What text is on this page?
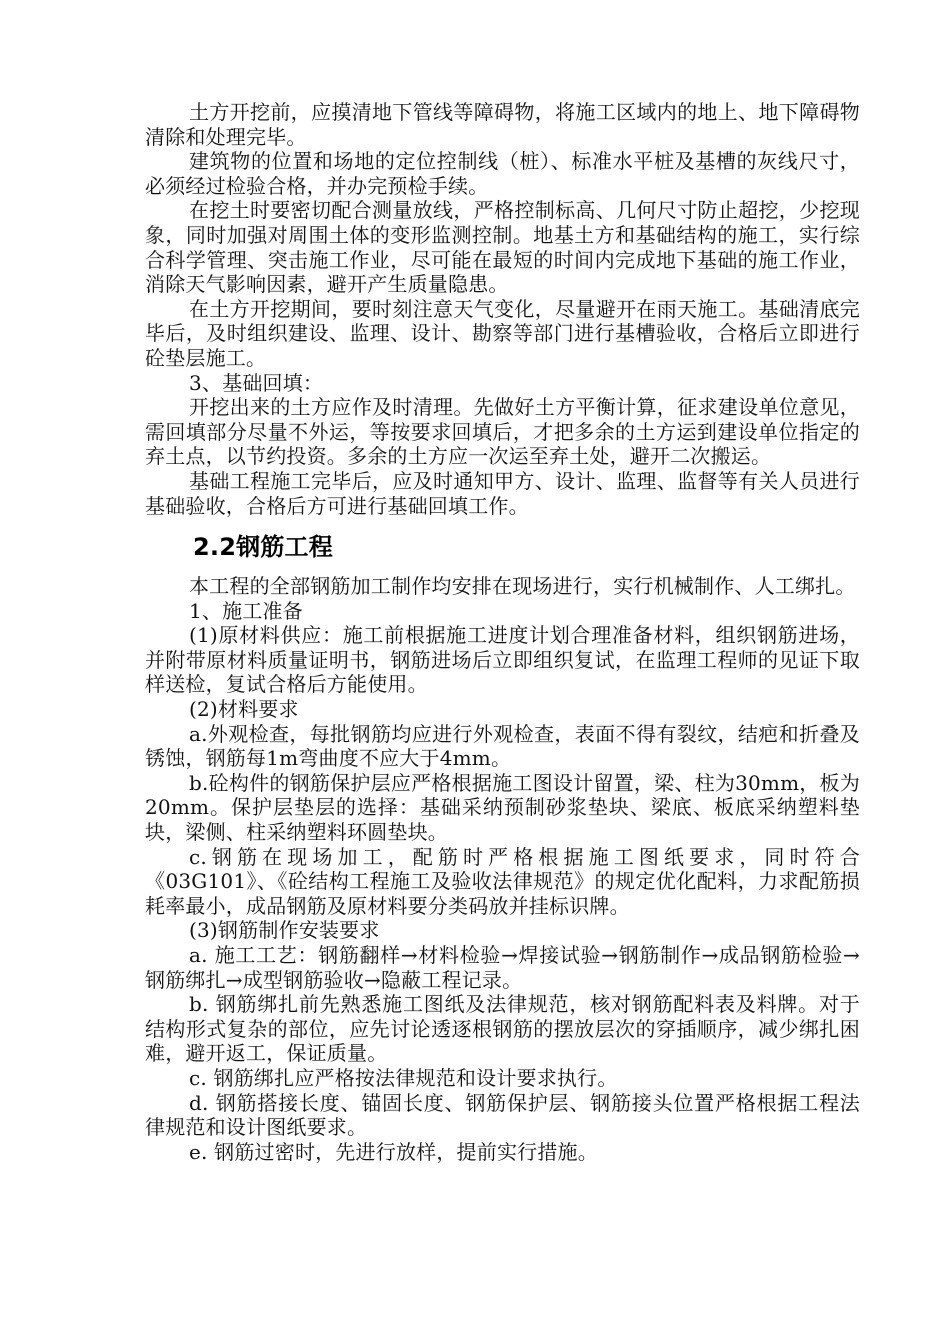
土方开挖前，应摸清地下管线等障碍物，将施工区域内的地上、地下障碍物清除和处理完毕。

建筑物的位置和场地的定位控制线（桩）、标准水平桩及基槽的灰线尺寸，必须经过检验合格，并办完预检手续。

在挖土时要密切配合测量放线，严格控制标高、几何尺寸防止超挖，少挖现象，同时加强对周围土体的变形监测控制。地基土方和基础结构的施工，实行综合科学管理、突击施工作业，尽可能在最短的时间内完成地下基础的施工作业，消除天气影响因素，避开产生质量隐患。

在土方开挖期间，要时刻注意天气变化，尽量避开在雨天施工。基础清底完毕后，及时组织建设、监理、设计、勘察等部门进行基槽验收，合格后立即进行砼垫层施工。

3、基础回填：

开挖出来的土方应作及时清理。先做好土方平衡计算，征求建设单位意见，需回填部分尽量不外运，等按要求回填后，才把多余的土方运到建设单位指定的弃土点，以节约投资。多余的土方应一次运至弃土处，避开二次搬运。

基础工程施工完毕后，应及时通知甲方、设计、监理、监督等有关人员进行基础验收，合格后方可进行基础回填工作。

2.2钢筋工程

本工程的全部钢筋加工制作均安排在现场进行，实行机械制作、人工绑扎。

1、施工准备

(1)原材料供应：施工前根据施工进度计划合理准备材料，组织钢筋进场，并附带原材料质量证明书，钢筋进场后立即组织复试，在监理工程师的见证下取样送检，复试合格后方能使用。

(2)材料要求

a.外观检查，每批钢筋均应进行外观检查，表面不得有裂纹，结疤和折叠及锈蚀，钢筋每1m弯曲度不应大于4mm。

b.砼构件的钢筋保护层应严格根据施工图设计留置，梁、柱为30mm，板为20mm。保护层垫层的选择：基础采纳预制砂浆垫块、梁底、板底采纳塑料垫块，梁侧、柱采纳塑料环圆垫块。

c.钢筋在现场加工，配筋时严格根据施工图纸要求，同时符合《03G101》、《砼结构工程施工及验收法律规范》的规定优化配料，力求配筋损耗率最小，成品钢筋及原材料要分类码放并挂标识牌。

(3)钢筋制作安装要求

a. 施工工艺：钢筋翻样→材料检验→焊接试验→钢筋制作→成品钢筋检验→钢筋绑扎→成型钢筋验收→隐蔽工程记录。

b. 钢筋绑扎前先熟悉施工图纸及法律规范，核对钢筋配料表及料牌。对于结构形式复杂的部位，应先讨论透逐根钢筋的摆放层次的穿插顺序，减少绑扎困难，避开返工，保证质量。

c. 钢筋绑扎应严格按法律规范和设计要求执行。

d. 钢筋搭接长度、锚固长度、钢筋保护层、钢筋接头位置严格根据工程法律规范和设计图纸要求。

e. 钢筋过密时，先进行放样，提前实行措施。
